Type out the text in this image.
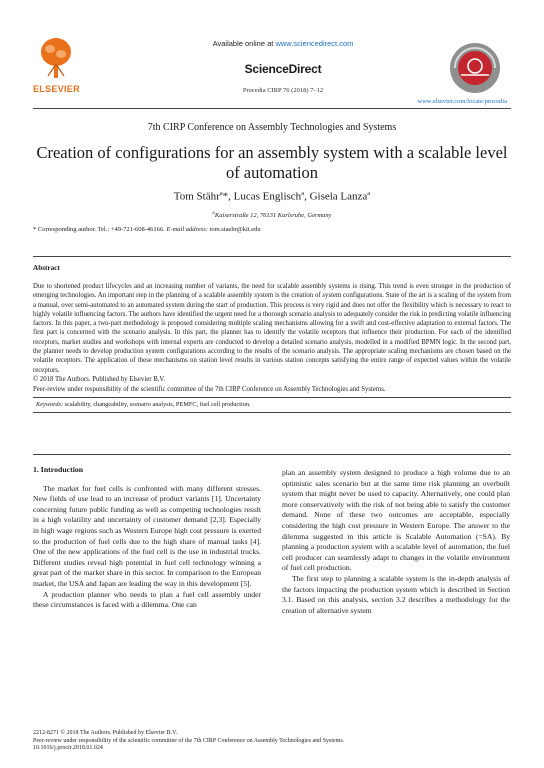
ELSEVIER
Available online at www.sciencedirect.com
ScienceDirect
Procedia CIRP 76 (2018) 7–12
www.elsevier.com/locate/procedia
7th CIRP Conference on Assembly Technologies and Systems
Creation of configurations for an assembly system with a scalable level of automation
Tom Stähr$^a$*, Lucas Englisch$^a$, Gisela Lanza$^a$
$^a$Kaiserstraße 12, 76131 Karlsruhe, Germany
* Corresponding author. Tel.: +49-721-608-46166. E-mail address: tom.staehr@kit.edu
Abstract
Due to shortened product lifecycles and an increasing number of variants, the need for scalable assembly systems is rising. This trend is even stronger in the production of emerging technologies. An important step in the planning of a scalable assembly system is the creation of system configurations. State of the art is a scaling of the system from a manual, over semi-automated to an automated system during the start of production. This process is very rigid and does not offer the flexibility which is necessary to react to highly volatile influencing factors. The authors have identified the urgent need for a thorough scenario analysis to adequately consider the risk in predicting volatile influencing factors. In this paper, a two-part methodology is proposed considering multiple scaling mechanisms allowing for a swift and cost-effective adaptation to external factors. The first part is concerned with the scenario analysis. In this part, the planner has to identify the volatile receptors that influence their production. For each of the identified receptors, market studies and workshops with internal experts are conducted to develop a detailed scenario analysis, modelled in a modified BPMN logic. In the second part, the planner needs to develop production system configurations according to the results of the scenario analysis. The appropriate scaling mechanisms are chosen based on the volatile receptors. The application of these mechanisms on station level results in various station concepts satisfying the entire range of expected values within the volatile receptors.
© 2018 The Authors. Published by Elsevier B.V.
Peer-review under responsibility of the scientific committee of the 7th CIRP Conference on Assembly Technologies and Systems.
Keywords: scalability, changeability, scenario analysis, PEMFC, fuel cell production.
1. Introduction

The market for fuel cells is confronted with many different stresses. New fields of use lead to an increase of product variants [1]. Uncertainty concerning future public funding as well as competing technologies result in a high volatility and uncertainty of customer demand [2,3]. Especially in high wage regions such as Western Europe high cost pressure is exerted to the production of fuel cells due to the high share of manual tasks [4]. One of the new applications of the fuel cell is the use in industrial trucks. Different studies reveal high potential in fuel cell technology winning a great part of the market share in this sector. In comparison to the European market, the USA and Japan are leading the way in this development [5].

A production planner who needs to plan a fuel cell assembly under these circumstances is faced with a dilemma. One can

plan an assembly system designed to produce a high volume due to an optimistic sales scenario but at the same time risk planning an overbuilt system that might never be used to capacity. Alternatively, one could plan more conservatively with the risk of not being able to satisfy the customer demand. None of these two outcomes are acceptable, especially considering the high cost pressure in Western Europe. The answer to the dilemma suggested in this article is Scalable Automation (=SA). By planning a production system with a scalable level of automation, the fuel cell producer can seamlessly adapt to changes in the volatile environment of fuel cell production.

The first step to planning a scalable system is the in-depth analysis of the factors impacting the production system which is described in Section 3.1. Based on this analysis, section 3.2 describes a methodology for the creation of alternative system

2212-8271 © 2018 The Authors. Published by Elsevier B.V.
Peer-review under responsibility of the scientific committee of the 7th CIRP Conference on Assembly Technologies and Systems.
10.1016/j.procir.2018.01.024
